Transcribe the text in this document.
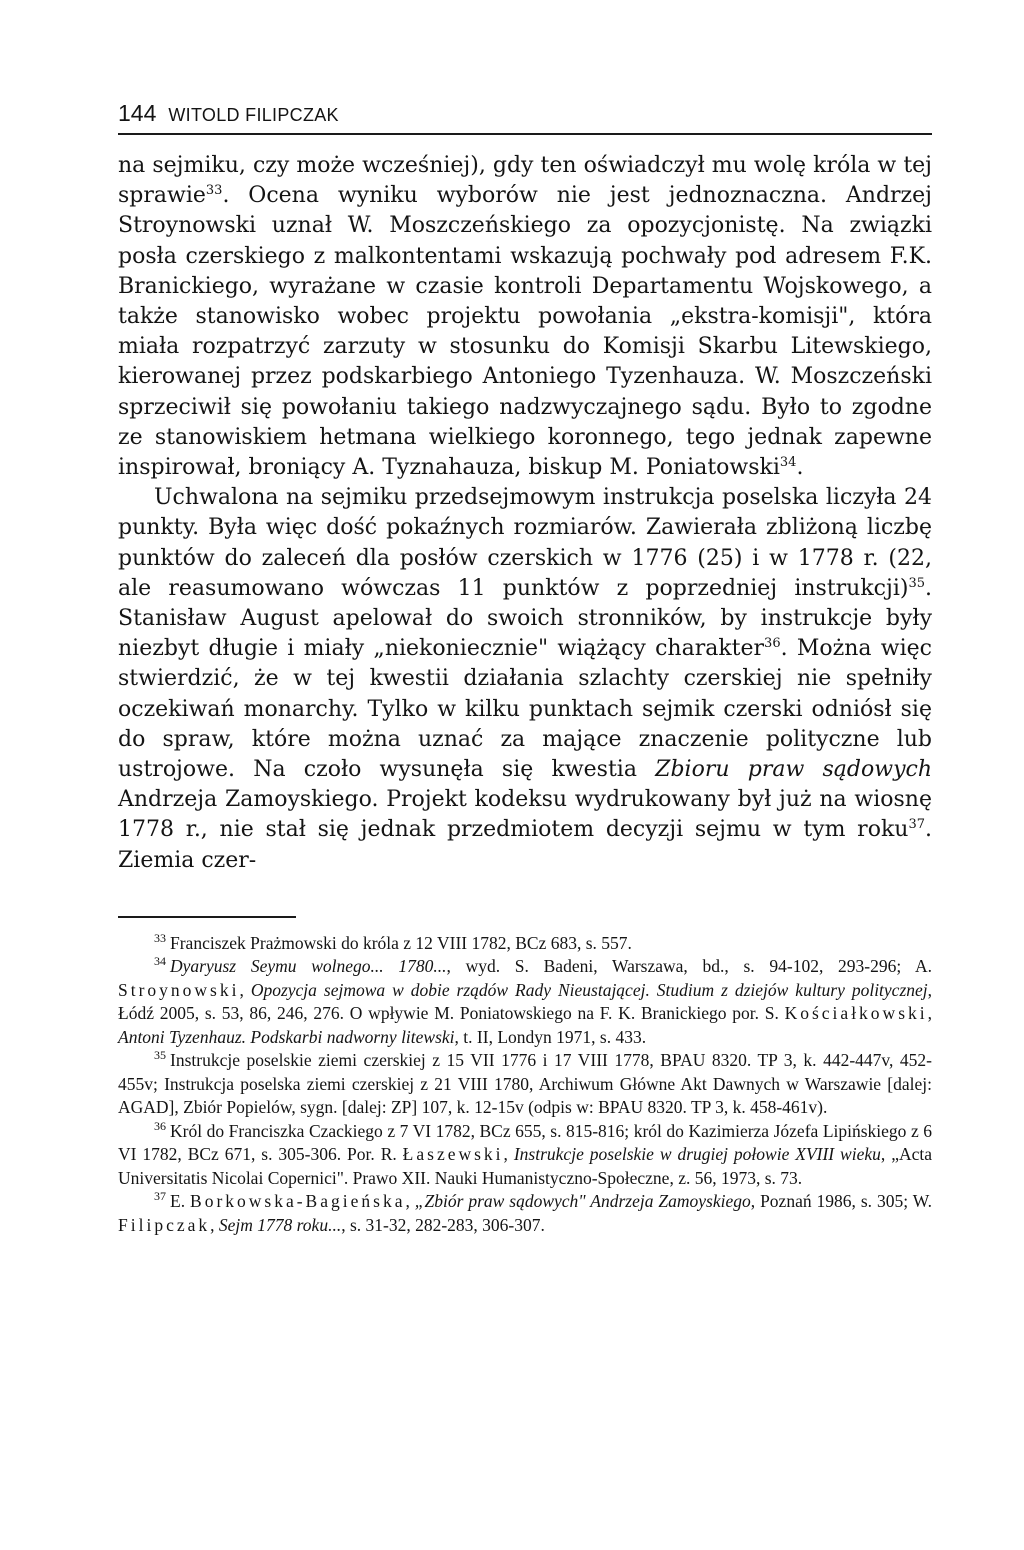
144 WITOLD FILIPCZAK

na sejmiku, czy może wcześniej), gdy ten oświadczył mu wolę króla w tej sprawie$^{33}$. Ocena wyniku wyborów nie jest jednoznaczna. Andrzej Stroynowski uznał W. Moszczeńskiego za opozycjonistę. Na związki posła czerskiego z malkontentami wskazują pochwały pod adresem F.K. Branickiego, wyrażane w czasie kontroli Departamentu Wojskowego, a także stanowisko wobec projektu powołania „ekstra-komisji", która miała rozpatrzyć zarzuty w stosunku do Komisji Skarbu Litewskiego, kierowanej przez podskarbiego Antoniego Tyzenhauza. W. Moszczeński sprzeciwił się powołaniu takiego nadzwyczajnego sądu. Było to zgodne ze stanowiskiem hetmana wielkiego koronnego, tego jednak zapewne inspirował, broniący A. Tyznahauza, biskup M. Poniatowski$^{34}$.

Uchwalona na sejmiku przedsejmowym instrukcja poselska liczyła 24 punkty. Była więc dość pokaźnych rozmiarów. Zawierała zbliżoną liczbę punktów do zaleceń dla posłów czerskich w 1776 (25) i w 1778 r. (22, ale reasumowano wówczas 11 punktów z poprzedniej instrukcji)$^{35}$. Stanisław August apelował do swoich stronników, by instrukcje były niezbyt długie i miały „niekoniecznie" wiążący charakter$^{36}$. Można więc stwierdzić, że w tej kwestii działania szlachty czerskiej nie spełniły oczekiwań monarchy. Tylko w kilku punktach sejmik czerski odniósł się do spraw, które można uznać za mające znaczenie polityczne lub ustrojowe. Na czoło wysunęła się kwestia Zbioru praw sądowych Andrzeja Zamoyskiego. Projekt kodeksu wydrukowany był już na wiosnę 1778 r., nie stał się jednak przedmiotem decyzji sejmu w tym roku$^{37}$. Ziemia czer-

$^{33}$ Franciszek Prażmowski do króla z 12 VIII 1782, BCz 683, s. 557.

$^{34}$ Dyaryusz Seymu wolnego... 1780..., wyd. S. Badeni, Warszawa, bd., s. 94-102, 293-296; A. Stroynowski, Opozycja sejmowa w dobie rządów Rady Nieustającej. Studium z dziejów kultury politycznej, Łódź 2005, s. 53, 86, 246, 276. O wpływie M. Poniatowskiego na F. K. Branickiego por. S. Kościałkowski, Antoni Tyzenhauz. Podskarbi nadworny litewski, t. II, Londyn 1971, s. 433.

$^{35}$ Instrukcje poselskie ziemi czerskiej z 15 VII 1776 i 17 VIII 1778, BPAU 8320. TP 3, k. 442-447v, 452-455v; Instrukcja poselska ziemi czerskiej z 21 VIII 1780, Archiwum Główne Akt Dawnych w Warszawie [dalej: AGAD], Zbiór Popielów, sygn. [dalej: ZP] 107, k. 12-15v (odpis w: BPAU 8320. TP 3, k. 458-461v).

$^{36}$ Król do Franciszka Czackiego z 7 VI 1782, BCz 655, s. 815-816; król do Kazimierza Józefa Lipińskiego z 6 VI 1782, BCz 671, s. 305-306. Por. R. Łaszewski, Instrukcje poselskie w drugiej połowie XVIII wieku, „Acta Universitatis Nicolai Copernici". Prawo XII. Nauki Humanistyczno-Społeczne, z. 56, 1973, s. 73.

$^{37}$ E. Borkowska-Bagieńska, „Zbiór praw sądowych" Andrzeja Zamoyskiego, Poznań 1986, s. 305; W. Filipczak, Sejm 1778 roku..., s. 31-32, 282-283, 306-307.
